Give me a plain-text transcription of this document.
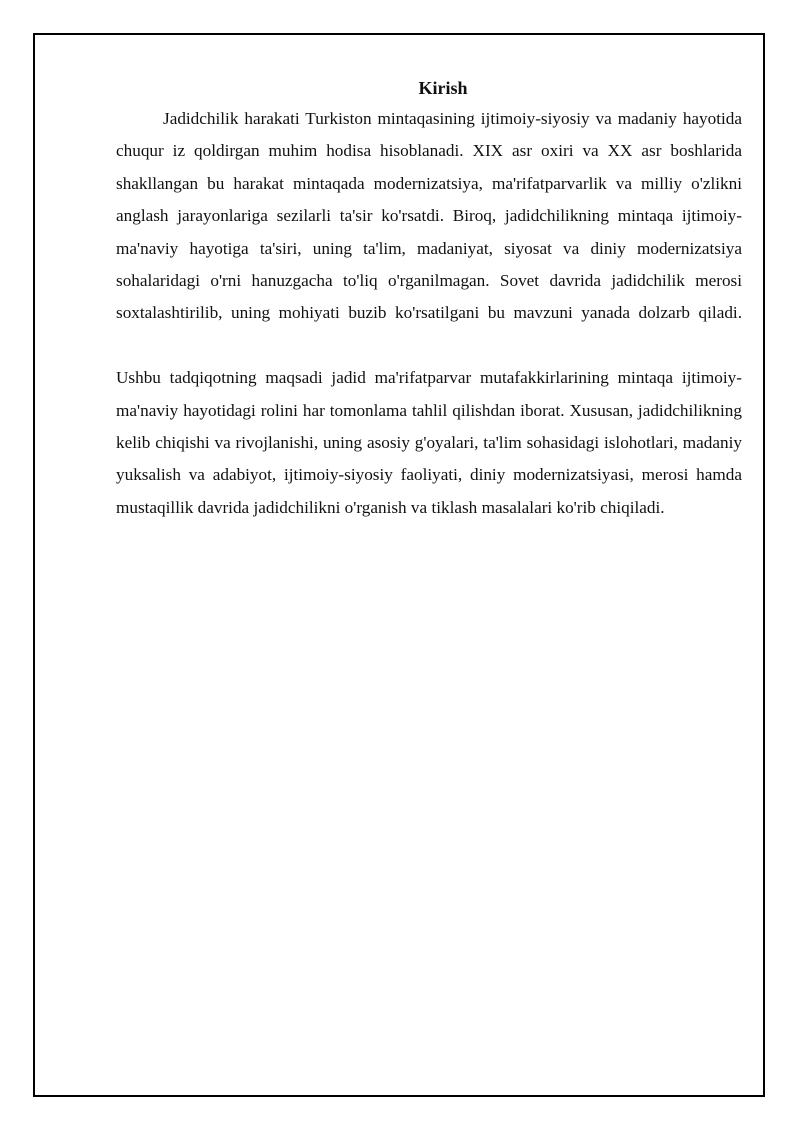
Kirish

Jadidchilik harakati Turkiston mintaqasining ijtimoiy-siyosiy va madaniy hayotida chuqur iz qoldirgan muhim hodisa hisoblanadi. XIX asr oxiri va XX asr boshlarida shakllangan bu harakat mintaqada modernizatsiya, ma'rifatparvarlik va milliy o'zlikni anglash jarayonlariga sezilarli ta'sir ko'rsatdi. Biroq, jadidchilikning mintaqa ijtimoiy-ma'naviy hayotiga ta'siri, uning ta'lim, madaniyat, siyosat va diniy modernizatsiya sohalaridagi o'rni hanuzgacha to'liq o'rganilmagan. Sovet davrida jadidchilik merosi soxtalashtirilib, uning mohiyati buzib ko'rsatilgani bu mavzuni yanada dolzarb qiladi.

Ushbu tadqiqotning maqsadi jadid ma'rifatparvar mutafakkirlarining mintaqa ijtimoiy-ma'naviy hayotidagi rolini har tomonlama tahlil qilishdan iborat. Xususan, jadidchilikning kelib chiqishi va rivojlanishi, uning asosiy g'oyalari, ta'lim sohasidagi islohotlari, madaniy yuksalish va adabiyot, ijtimoiy-siyosiy faoliyati, diniy modernizatsiyasi, merosi hamda mustaqillik davrida jadidchilikni o'rganish va tiklash masalalari ko'rib chiqiladi.
